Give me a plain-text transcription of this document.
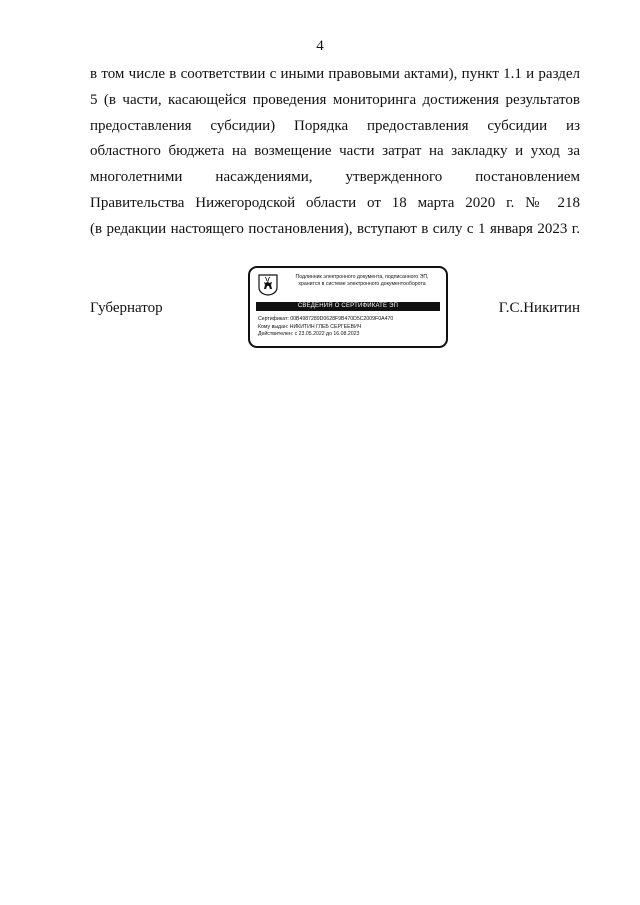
4
в том числе в соответствии с иными правовыми актами), пункт 1.1 и раздел
5 (в части, касающейся проведения мониторинга достижения результатов
предоставления субсидии) Порядка предоставления субсидии из
областного бюджета на возмещение части затрат на закладку и уход за
многолетними насаждениями, утвержденного постановлением
Правительства Нижегородской области от 18 марта 2020 г. № 218
(в редакции настоящего постановления), вступают в силу с 1 января 2023 г.
Губернатор	Г.С.Никитин
Подлинник электронного документа, подписанного ЭП,
хранится в системе электронного документооборота
СВЕДЕНИЯ О СЕРТИФИКАТЕ ЭП
Сертификат: 00B4987289D0628F9B470D5C2009F0A470
Кому выдан: НИКИТИН ГЛЕБ СЕРГЕЕВИЧ
Действителен: с 23.05.2022 до 16.08.2023
